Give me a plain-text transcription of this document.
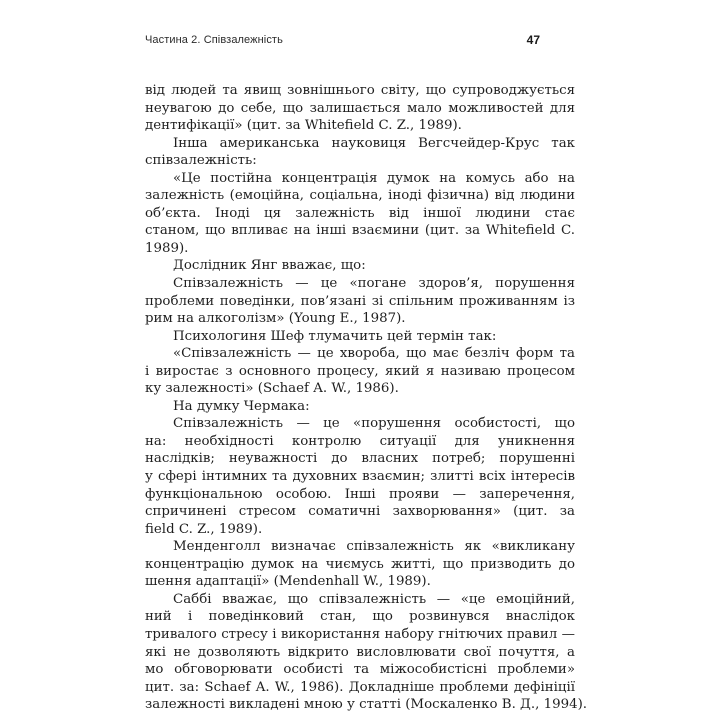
Частина 2. Співзалежність	47
від людей та явищ зовнішнього світу, що супроводжується
неувагою до себе, що залишається мало можливостей для
дентифікації» (цит. за Whitefield C. Z., 1989).
Інша американська науковиця Вегсчейдер-Крус так
співзалежність:
«Це постійна концентрація думок на комусь або на
залежність (емоційна, соціальна, іноді фізична) від людини
об’єкта. Іноді ця залежність від іншої людини стає
станом, що впливає на інші взаємини (цит. за Whitefield C.
1989).
Дослідник Янг вважає, що:
Співзалежність — це «погане здоров’я, порушення
проблеми поведінки, пов’язані зі спільним проживанням із
рим на алкоголізм» (Young E., 1987).
Психологиня Шеф тлумачить цей термін так:
«Співзалежність — це хвороба, що має безліч форм та
і виростає з основного процесу, який я називаю процесом
ку залежності» (Schaef A. W., 1986).
На думку Чермака:
Співзалежність — це «порушення особистості, що
на: необхідності контролю ситуації для уникнення
наслідків; неуважності до власних потреб; порушенні
у сфері інтимних та духовних взаємин; злитті всіх інтересів
функціональною особою. Інші прояви — заперечення,
спричинені стресом соматичні захворювання» (цит. за
field C. Z., 1989).
Менденголл визначає співзалежність як «викликану
концентрацію думок на чиємусь житті, що призводить до
шення адаптації» (Mendenhall W., 1989).
Саббі вважає, що співзалежність — «це емоційний,
ний і поведінковий стан, що розвинувся внаслідок
тривалого стресу і використання набору гнітючих правил —
які не дозволяють відкрито висловлювати свої почуття, а
мо обговорювати особисті та міжособистісні проблеми»
цит. за: Schaef A. W., 1986). Докладніше проблеми дефініції
залежності викладені мною у статті (Москаленко В. Д., 1994).
